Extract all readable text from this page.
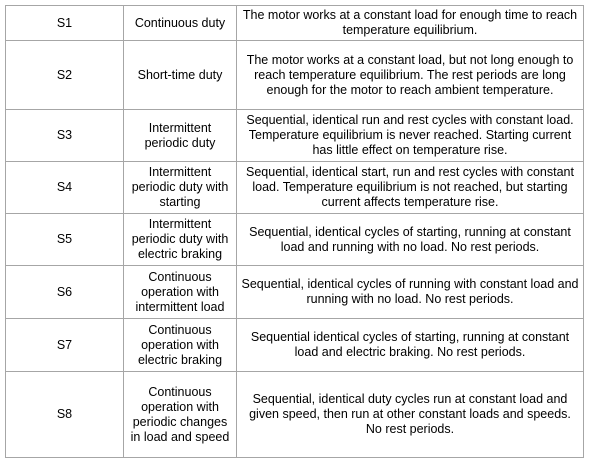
S1	Continuous duty	The motor works at a constant load for enough time to reach temperature equilibrium.
S2	Short-time duty	The motor works at a constant load, but not long enough to reach temperature equilibrium. The rest periods are long enough for the motor to reach ambient temperature.
S3	Intermittent periodic duty	Sequential, identical run and rest cycles with constant load. Temperature equilibrium is never reached. Starting current has little effect on temperature rise.
S4	Intermittent periodic duty with starting	Sequential, identical start, run and rest cycles with constant load. Temperature equilibrium is not reached, but starting current affects temperature rise.
S5	Intermittent periodic duty with electric braking	Sequential, identical cycles of starting, running at constant load and running with no load. No rest periods.
S6	Continuous operation with intermittent load	Sequential, identical cycles of running with constant load and running with no load. No rest periods.
S7	Continuous operation with electric braking	Sequential identical cycles of starting, running at constant load and electric braking. No rest periods.
S8	Continuous operation with periodic changes in load and speed	Sequential, identical duty cycles run at constant load and given speed, then run at other constant loads and speeds. No rest periods.
